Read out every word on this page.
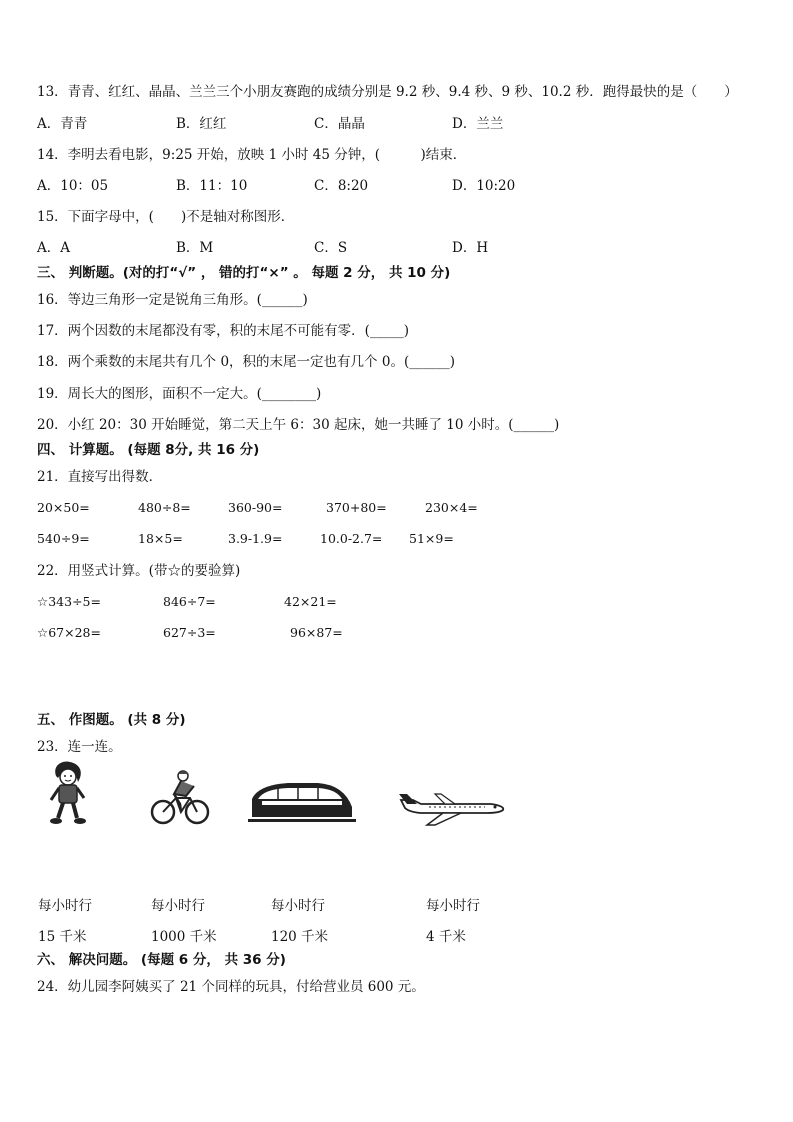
13．青青、红红、晶晶、兰兰三个小朋友赛跑的成绩分别是 9.2 秒、9.4 秒、9 秒、10.2 秒．跑得最快的是（　　）
A．青青	B．红红	C．晶晶	D．兰兰
14．李明去看电影，9:25 开始，放映 1 小时 45 分钟，(　　　)结束．
A．10：05	B．11：10	C．8:20	D．10:20
15．下面字母中，(　　)不是轴对称图形．
A．A	B．M	C．S	D．H
三、 判断题。(对的打“√” ， 错的打“×” 。 每题 2 分， 共 10 分)
16．等边三角形一定是锐角三角形。(______)
17．两个因数的末尾都没有零，积的末尾不可能有零．(_____)
18．两个乘数的末尾共有几个 0，积的末尾一定也有几个 0。(______)
19．周长大的图形，面积不一定大。(________)
20．小红 20：30 开始睡觉，第二天上午 6：30 起床，她一共睡了 10 小时。(______)
四、 计算题。 (每题 8分, 共 16 分)
21．直接写出得数．
20×50=	480÷8=	360-90=	370+80=	230×4=
540÷9=	18×5=	3.9-1.9=	10.0-2.7= 51×9=
22．用竖式计算。(带☆的要验算)
☆343÷5=	846÷7=	42×21=
☆67×28=	627÷3=	96×87=
五、 作图题。 (共 8 分)
23．连一连。
每小时行	每小时行	每小时行	每小时行
15 千米	1000 千米	120 千米	4 千米
六、 解决问题。 (每题 6 分， 共 36 分)
24．幼儿园李阿姨买了 21 个同样的玩具，付给营业员 600 元。
